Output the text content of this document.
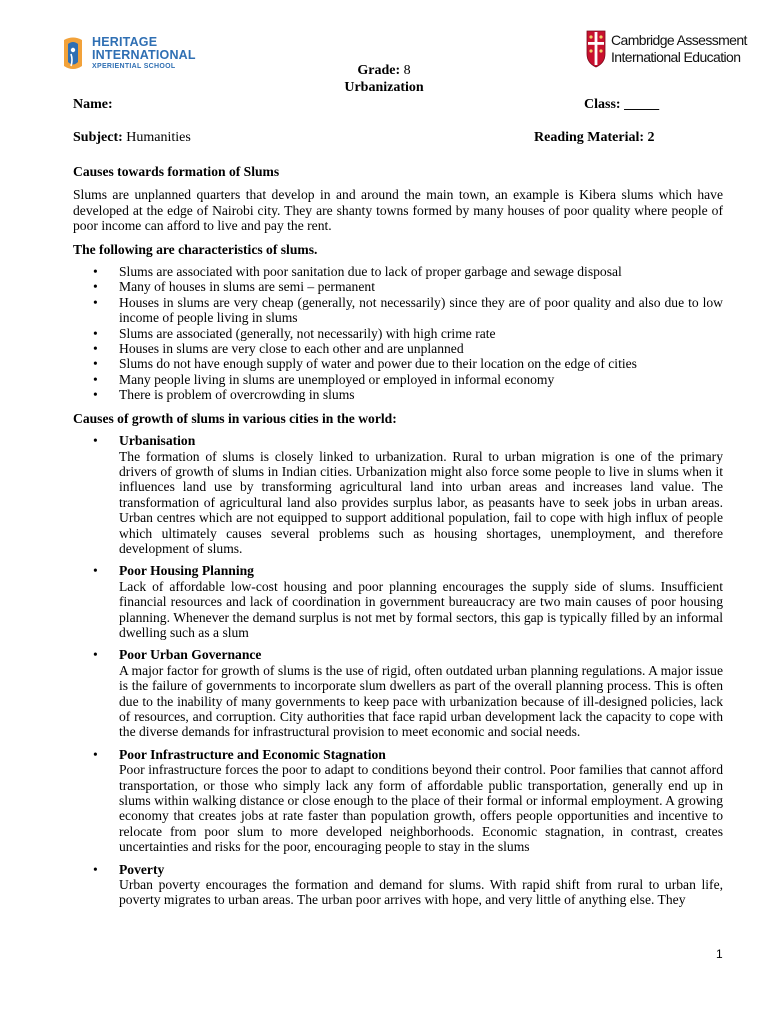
HERITAGE
INTERNATIONAL
XPERIENTIAL SCHOOL
Cambridge Assessment
International Education
Grade: 8
Urbanization
Name:	Class: _____
Subject: Humanities	Reading Material: 2

Causes towards formation of Slums

Slums are unplanned quarters that develop in and around the main town, an example is Kibera slums which have developed at the edge of Nairobi city. They are shanty towns formed by many houses of poor quality where people of poor income can afford to live and pay the rent.

The following are characteristics of slums.

• Slums are associated with poor sanitation due to lack of proper garbage and sewage disposal
• Many of houses in slums are semi – permanent
• Houses in slums are very cheap (generally, not necessarily) since they are of poor quality and also due to low income of people living in slums
• Slums are associated (generally, not necessarily) with high crime rate
• Houses in slums are very close to each other and are unplanned
• Slums do not have enough supply of water and power due to their location on the edge of cities
• Many people living in slums are unemployed or employed in informal economy
• There is problem of overcrowding in slums

Causes of growth of slums in various cities in the world:

• Urbanisation
The formation of slums is closely linked to urbanization. Rural to urban migration is one of the primary drivers of growth of slums in Indian cities. Urbanization might also force some people to live in slums when it influences land use by transforming agricultural land into urban areas and increases land value. The transformation of agricultural land also provides surplus labor, as peasants have to seek jobs in urban areas. Urban centres which are not equipped to support additional population, fail to cope with high influx of people which ultimately causes several problems such as housing shortages, unemployment, and therefore development of slums.
• Poor Housing Planning
Lack of affordable low-cost housing and poor planning encourages the supply side of slums. Insufficient financial resources and lack of coordination in government bureaucracy are two main causes of poor housing planning. Whenever the demand surplus is not met by formal sectors, this gap is typically filled by an informal dwelling such as a slum
• Poor Urban Governance
A major factor for growth of slums is the use of rigid, often outdated urban planning regulations. A major issue is the failure of governments to incorporate slum dwellers as part of the overall planning process. This is often due to the inability of many governments to keep pace with urbanization because of ill-designed policies, lack of resources, and corruption. City authorities that face rapid urban development lack the capacity to cope with the diverse demands for infrastructural provision to meet economic and social needs.
• Poor Infrastructure and Economic Stagnation
Poor infrastructure forces the poor to adapt to conditions beyond their control. Poor families that cannot afford transportation, or those who simply lack any form of affordable public transportation, generally end up in slums within walking distance or close enough to the place of their formal or informal employment. A growing economy that creates jobs at rate faster than population growth, offers people opportunities and incentive to relocate from poor slum to more developed neighborhoods. Economic stagnation, in contrast, creates uncertainties and risks for the poor, encouraging people to stay in the slums
• Poverty
Urban poverty encourages the formation and demand for slums. With rapid shift from rural to urban life, poverty migrates to urban areas. The urban poor arrives with hope, and very little of anything else. They
1
